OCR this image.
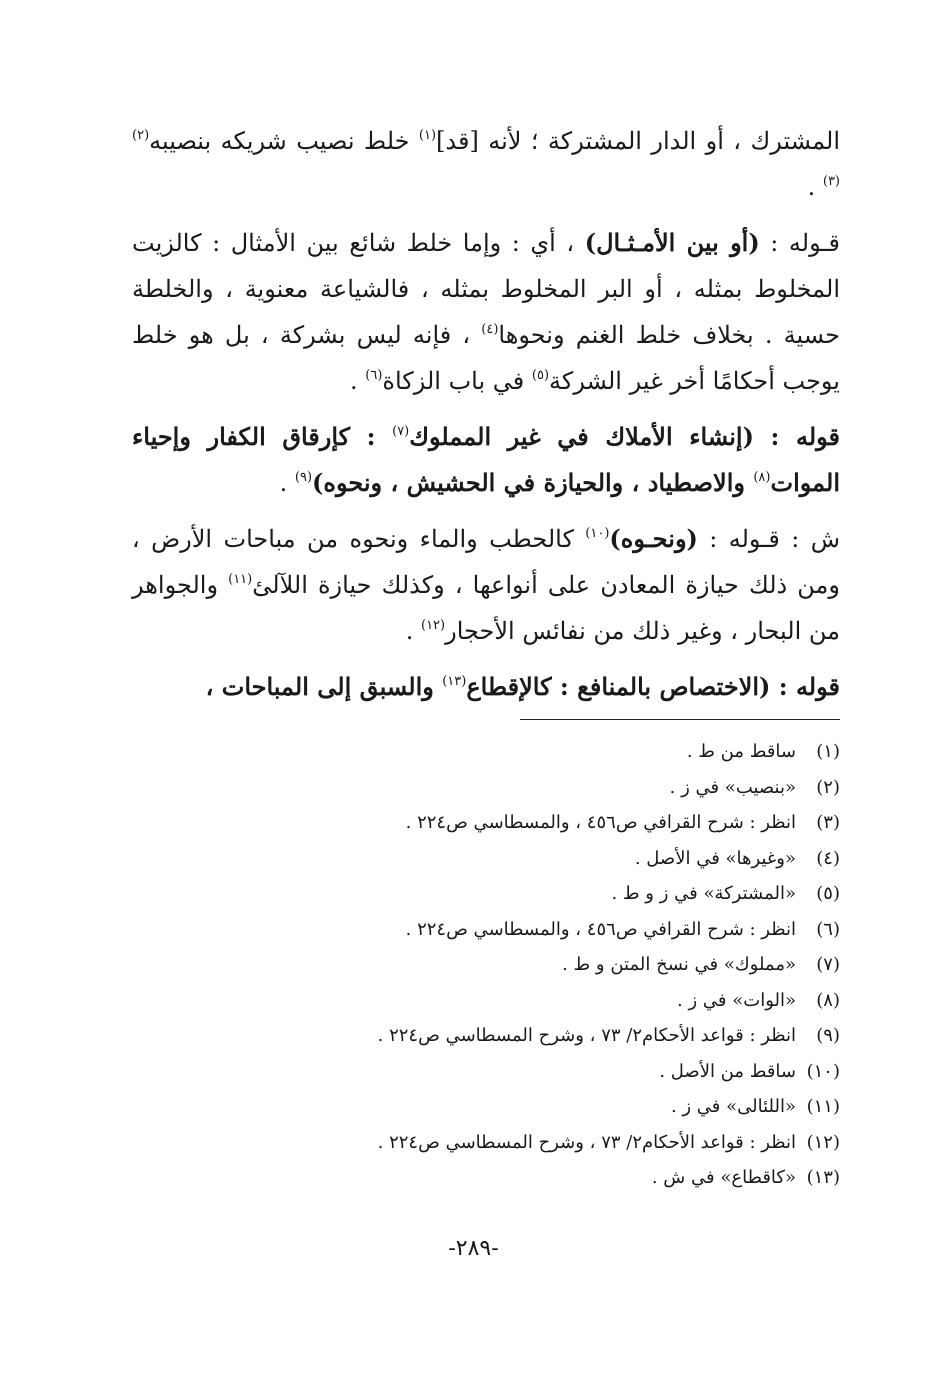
المشترك ، أو الدار المشتركة ؛ لأنه [قد]$^{(١)}$ خلط نصيب شريكه بنصيبه$^{(٢) (٣)}$ .

قـوله : (أو بين الأمـثـال) ، أي : وإما خلط شائع بين الأمثال : كالزيت المخلوط بمثله ، أو البر المخلوط بمثله ، فالشياعة معنوية ، والخلطة حسية . بخلاف خلط الغنم ونحوها$^{(٤)}$ ، فإنه ليس بشركة ، بل هو خلط يوجب أحكامًا أخر غير الشركة$^{(٥)}$ في باب الزكاة$^{(٦)}$ .

قوله : (إنشاء الأملاك في غير المملوك$^{(٧)}$ : كإرقاق الكفار وإحياء الموات$^{(٨)}$ والاصطياد ، والحيازة في الحشيش ، ونحوه)$^{(٩)}$ .

ش : قـوله : (ونحـوه)$^{(١٠)}$ كالحطب والماء ونحوه من مباحات الأرض ، ومن ذلك حيازة المعادن على أنواعها ، وكذلك حيازة اللآلئ$^{(١١)}$ والجواهر من البحار ، وغير ذلك من نفائس الأحجار$^{(١٢)}$ .

قوله : (الاختصاص بالمنافع : كالإقطاع$^{(١٣)}$ والسبق إلى المباحات ،

(١)ساقط من ط .
(٢)«بنصيب» في ز .
(٣)انظر : شرح القرافي ص٤٥٦ ، والمسطاسي ص٢٢٤ .
(٤)«وغيرها» في الأصل .
(٥)«المشتركة» في ز و ط .
(٦)انظر : شرح القرافي ص٤٥٦ ، والمسطاسي ص٢٢٤ .
(٧)«مملوك» في نسخ المتن و ط .
(٨)«الوات» في ز .
(٩)انظر : قواعد الأحكام٢/ ٧٣ ، وشرح المسطاسي ص٢٢٤ .
(١٠)ساقط من الأصل .
(١١)«اللئالى» في ز .
(١٢)انظر : قواعد الأحكام٢/ ٧٣ ، وشرح المسطاسي ص٢٢٤ .
(١٣)«كاقطاع» في ش .
-٢٨٩-
